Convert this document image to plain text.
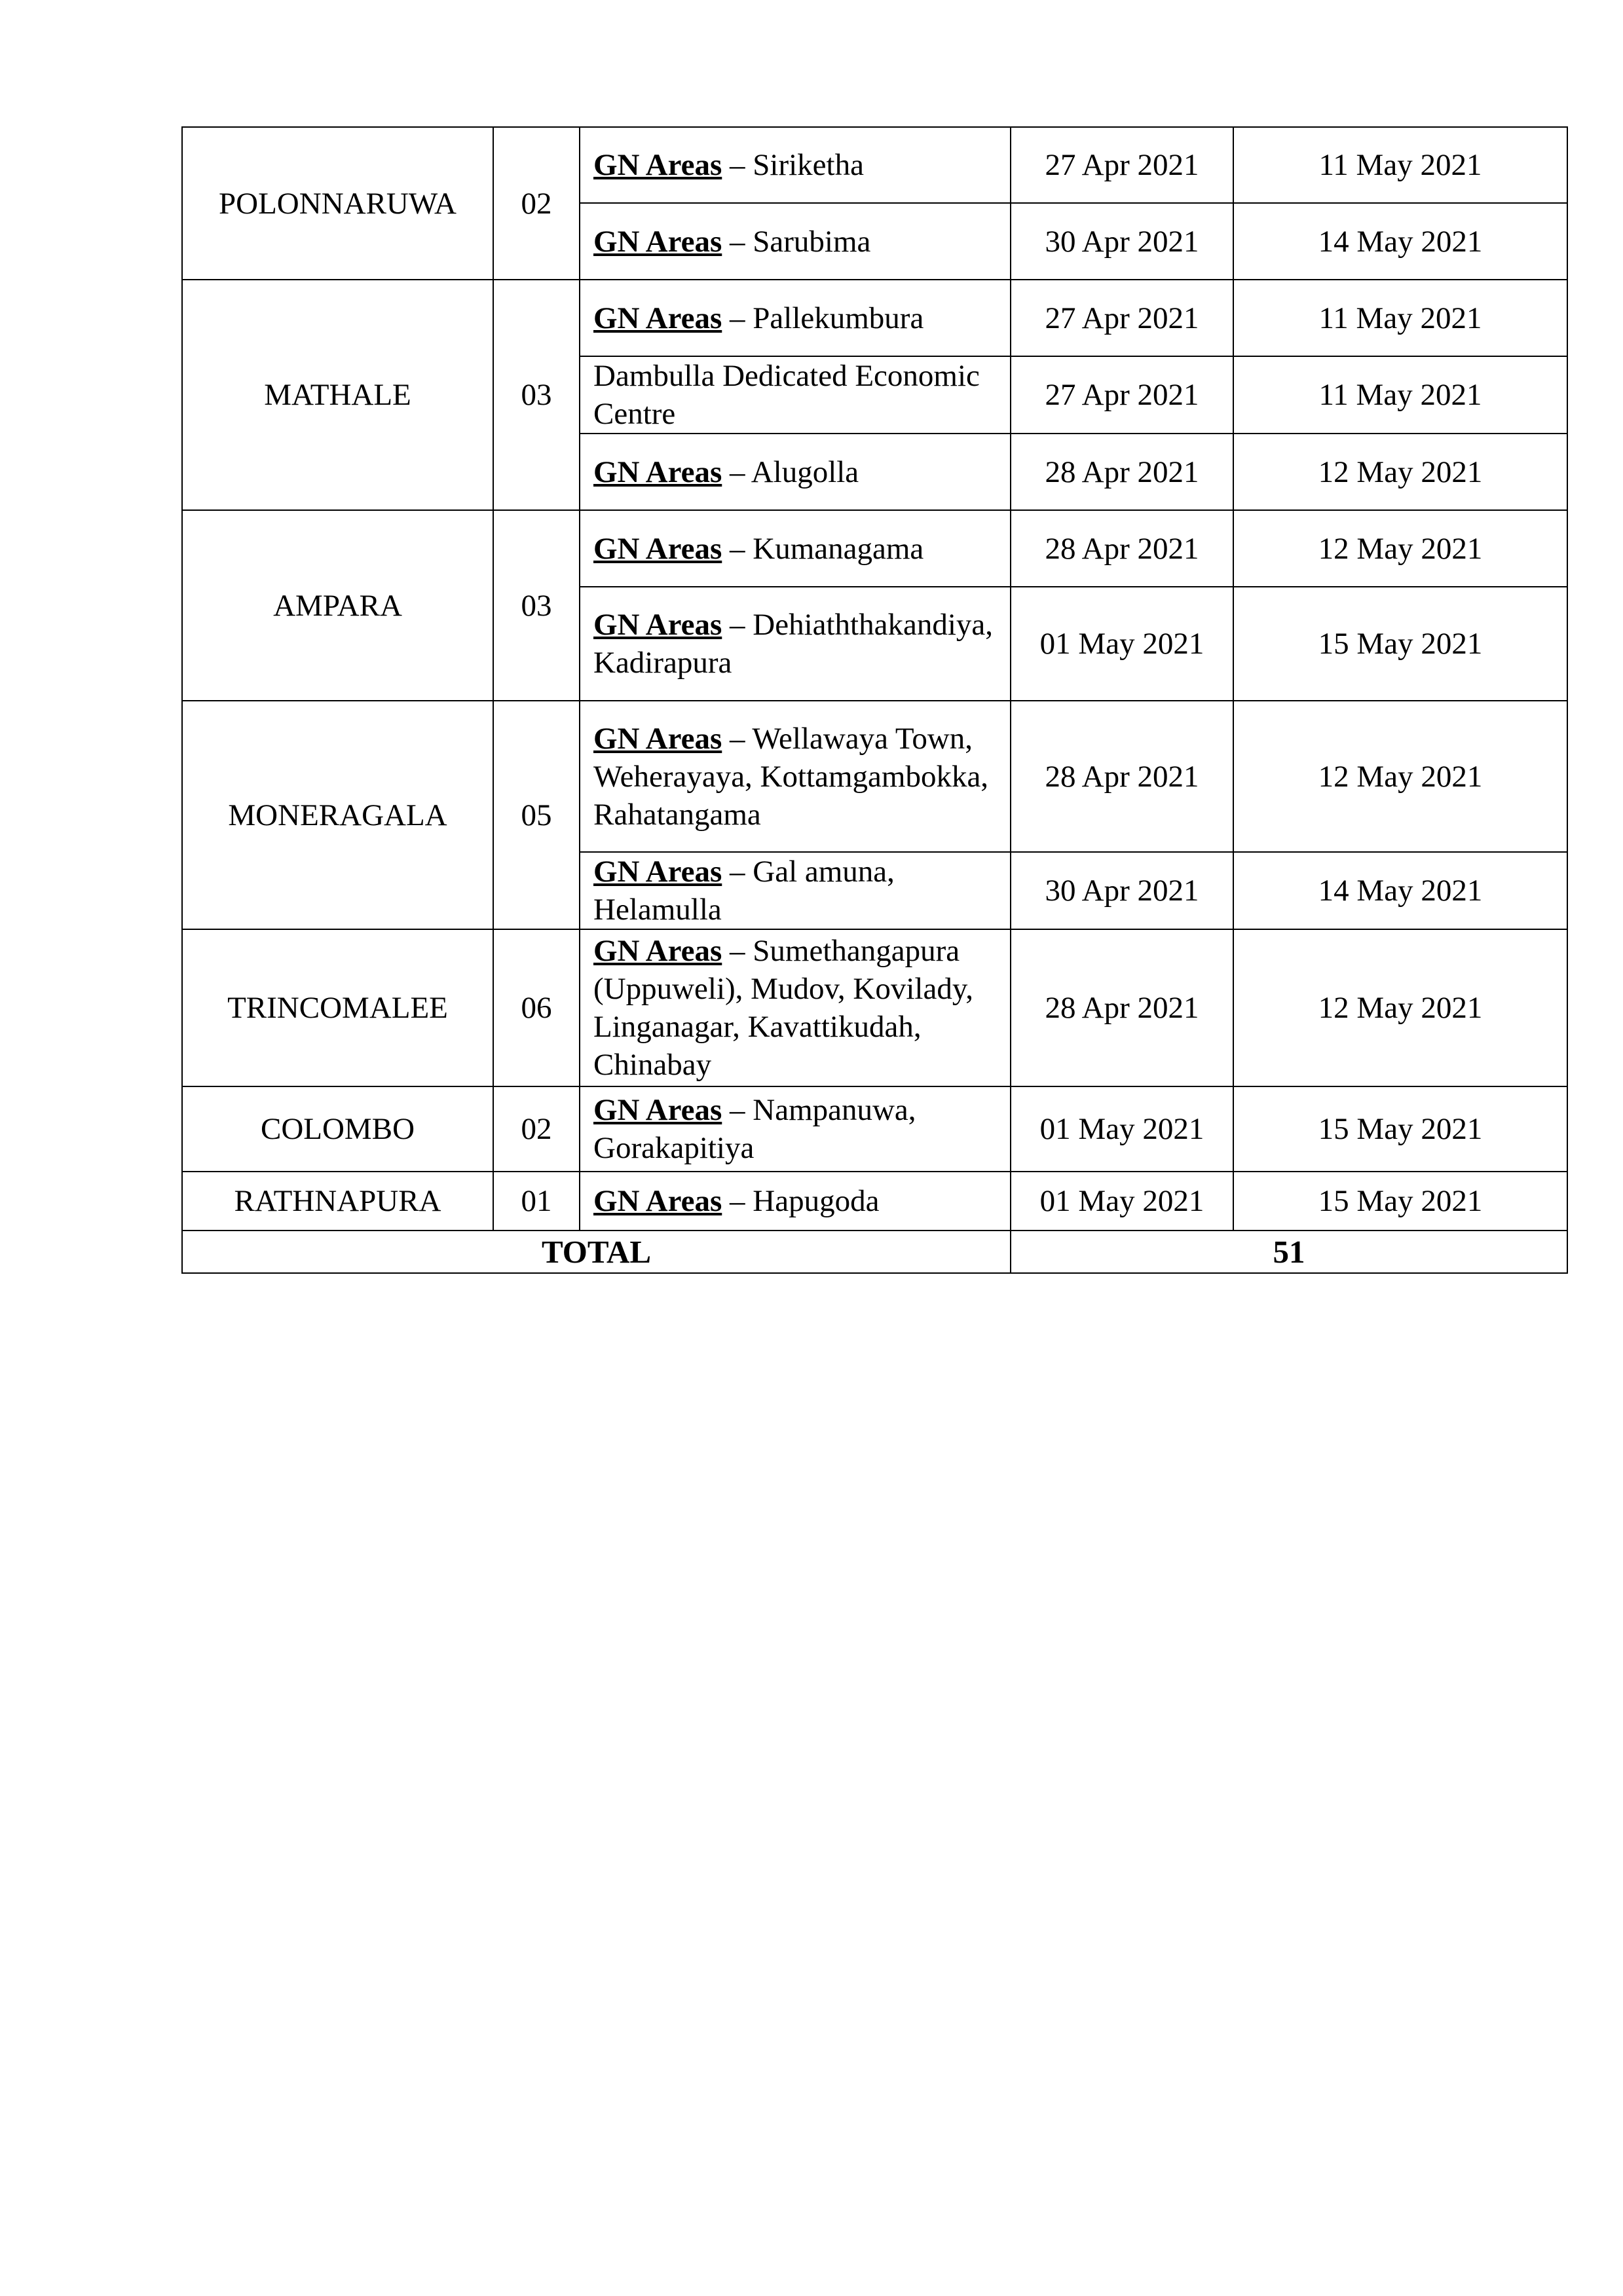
POLONNARUWA	02	GN Areas – Siriketha	27 Apr 2021	11 May 2021
		GN Areas – Sarubima	30 Apr 2021	14 May 2021
MATHALE	03	GN Areas – Pallekumbura	27 Apr 2021	11 May 2021
		Dambulla Dedicated Economic Centre	27 Apr 2021	11 May 2021
		GN Areas – Alugolla	28 Apr 2021	12 May 2021
AMPARA	03	GN Areas – Kumanagama	28 Apr 2021	12 May 2021
		GN Areas – Dehiaththakandiya, Kadirapura	01 May 2021	15 May 2021
MONERAGALA	05	GN Areas – Wellawaya Town, Weherayaya, Kottamgambokka, Rahatangama	28 Apr 2021	12 May 2021
		GN Areas – Gal amuna, Helamulla	30 Apr 2021	14 May 2021
TRINCOMALEE	06	GN Areas – Sumethangapura (Uppuweli), Mudov, Kovilady, Linganagar, Kavattikudah, Chinabay	28 Apr 2021	12 May 2021
COLOMBO	02	GN Areas – Nampanuwa, Gorakapitiya	01 May 2021	15 May 2021
RATHNAPURA	01	GN Areas – Hapugoda	01 May 2021	15 May 2021
TOTAL			51	
